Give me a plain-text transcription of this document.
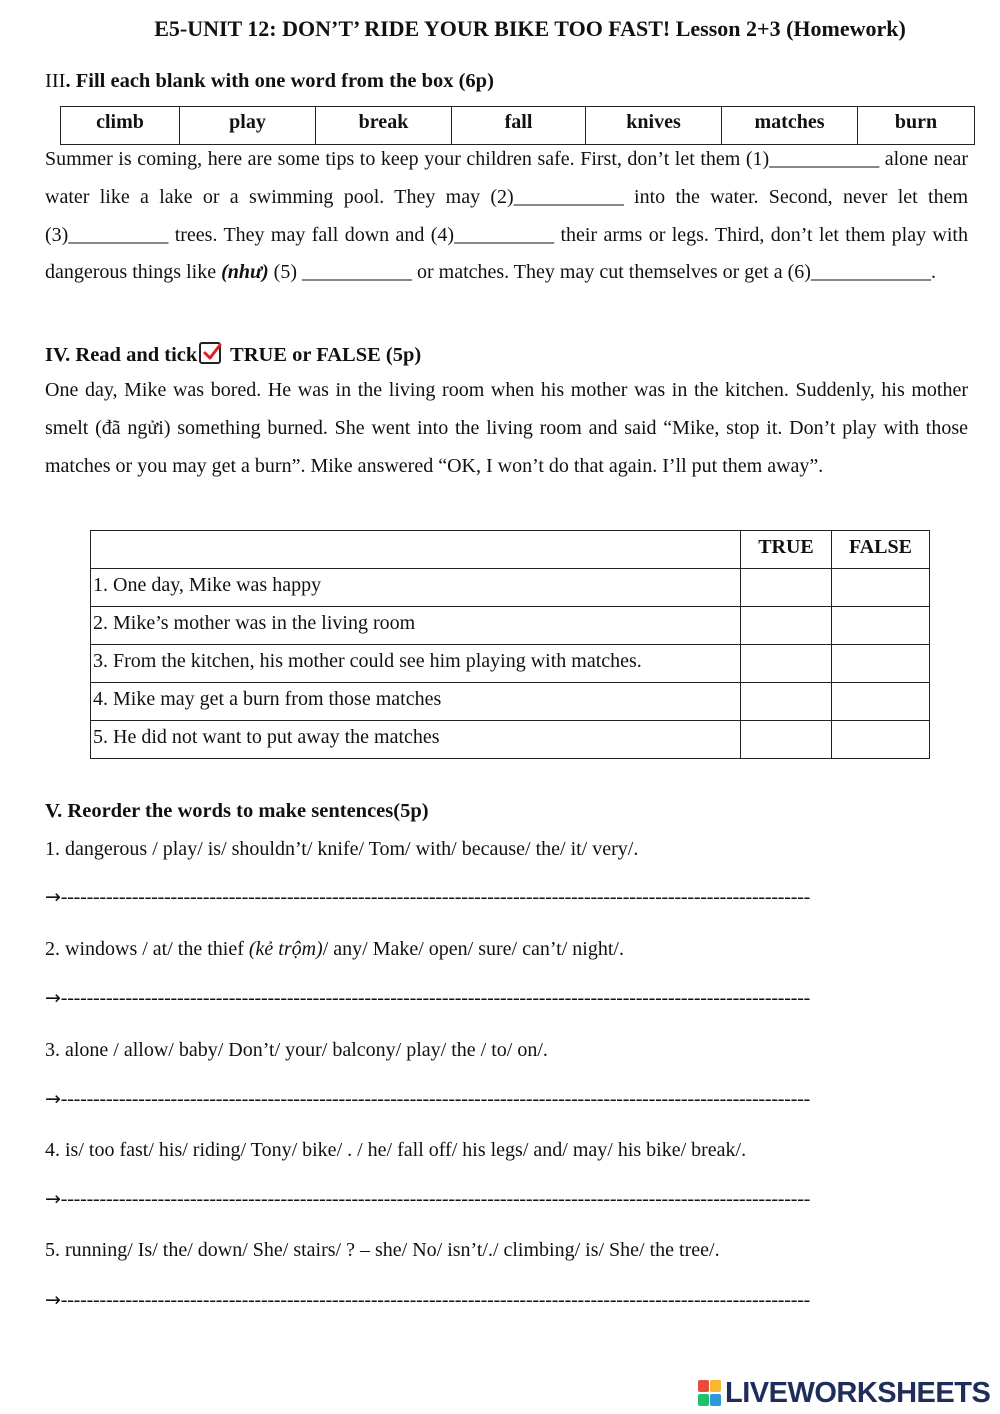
E5-UNIT 12: DON’T’ RIDE YOUR BIKE TOO FAST! Lesson 2+3 (Homework)
III. Fill each blank with one word from the box (6p)
climb	play	break	fall	knives	matches	burn
Summer is coming, here are some tips to keep your children safe. First, don’t let them (1)___________ alone near water like a lake or a swimming pool. They may (2)___________ into the water. Second, never let them (3)__________ trees. They may fall down and (4)__________ their arms or legs. Third, don’t let them play with dangerous things like (như) (5) ___________ or matches. They may cut themselves or get a (6)____________.
IV. Read and tick
TRUE or FALSE (5p)
One day, Mike was bored. He was in the living room when his mother was in the kitchen. Suddenly, his mother smelt (đã ngửi) something burned. She went into the living room and said “Mike, stop it. Don’t play with those matches or you may get a burn”. Mike answered “OK, I won’t do that again. I’ll put them away”.
	TRUE	FALSE
1. One day, Mike was happy		
2. Mike’s mother was in the living room		
3. From the kitchen, his mother could see him playing with matches.		
4. Mike may get a burn from those matches		
5. He did not want to put away the matches		
V. Reorder the words to make sentences(5p)
1. dangerous / play/ is/ shouldn’t/ knife/ Tom/ with/ because/ the/ it/ very/.
→--------------------------------------------------------------------------------------------------------------------
2. windows / at/ the thief (kẻ trộm)/ any/ Make/ open/ sure/ can’t/ night/.
→--------------------------------------------------------------------------------------------------------------------
3. alone / allow/ baby/ Don’t/ your/ balcony/ play/ the / to/ on/.
→--------------------------------------------------------------------------------------------------------------------
4. is/ too fast/ his/ riding/ Tony/ bike/ . / he/ fall off/ his legs/ and/ may/ his bike/ break/.
→--------------------------------------------------------------------------------------------------------------------
5. running/ Is/ the/ down/ She/ stairs/ ? – she/ No/ isn’t/./ climbing/ is/ She/ the tree/.
→--------------------------------------------------------------------------------------------------------------------
LIVEWORKSHEETS
